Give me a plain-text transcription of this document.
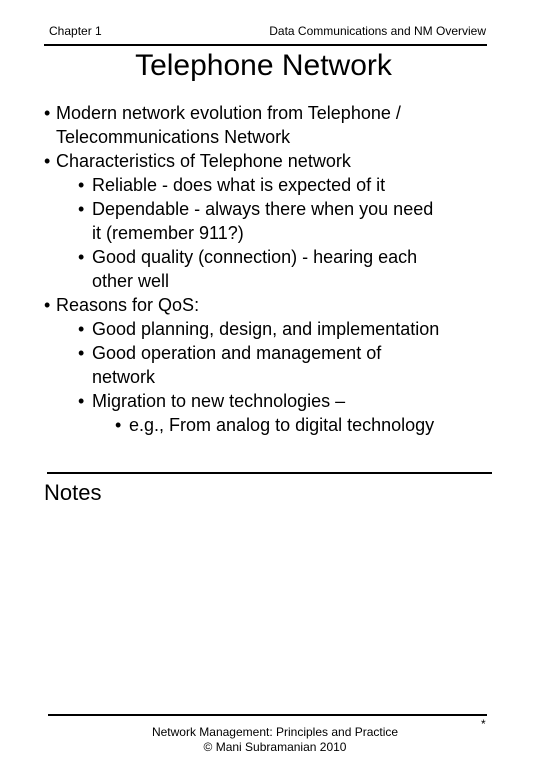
Chapter 1	Data Communications and NM Overview
Telephone Network
• Modern network evolution from Telephone /
Telecommunications Network
• Characteristics of Telephone network
• Reliable - does what is expected of it
• Dependable - always there when you need
it (remember 911?)
• Good quality (connection) - hearing each
other well
• Reasons for QoS:
• Good planning, design, and implementation
• Good operation and management of
network
• Migration to new technologies –
• e.g., From analog to digital technology
Notes
Network Management: Principles and Practice
© Mani Subramanian 2010
*
